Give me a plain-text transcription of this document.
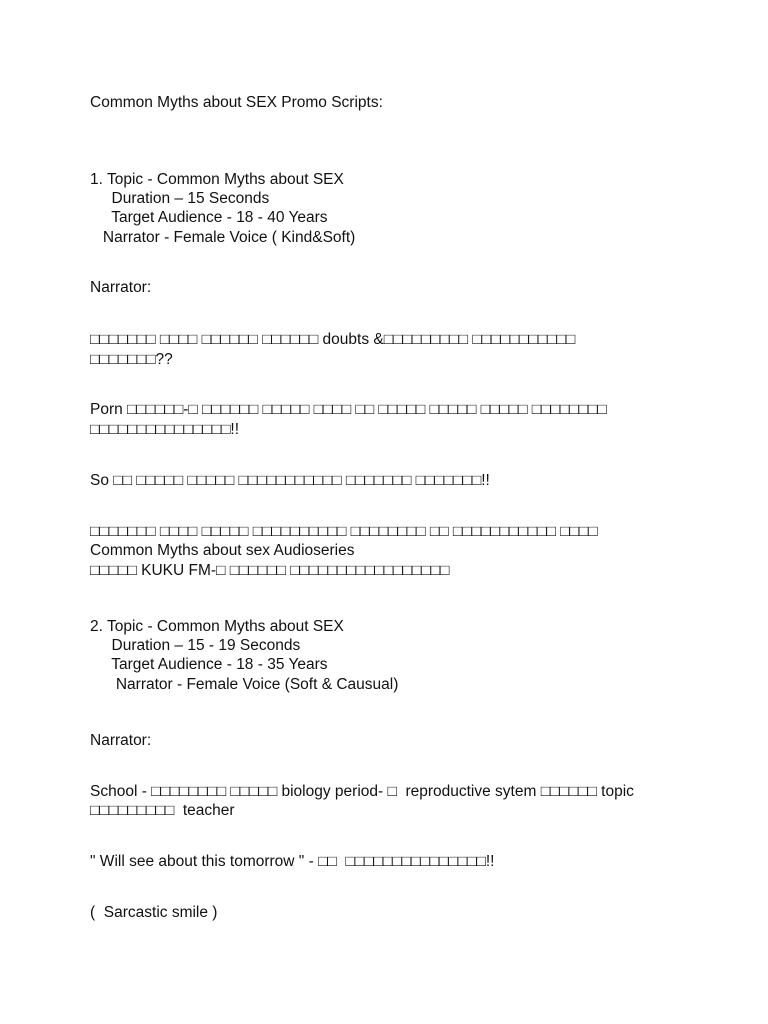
Common Myths about SEX Promo Scripts:
1. Topic - Common Myths about SEX
Duration – 15 Seconds
Target Audience - 18 - 40 Years
Narrator - Female Voice ( Kind&Soft)
Narrator:
□□□□□□□ □□□□ □□□□□□ □□□□□□ doubts &□□□□□□□□□ □□□□□□□□□□□
□□□□□□□??
Porn □□□□□□-□ □□□□□□ □□□□□ □□□□ □□ □□□□□ □□□□□ □□□□□ □□□□□□□□
□□□□□□□□□□□□□□□!!
So □□ □□□□□ □□□□□ □□□□□□□□□□□ □□□□□□□ □□□□□□□!!
□□□□□□□ □□□□ □□□□□ □□□□□□□□□□ □□□□□□□□ □□ □□□□□□□□□□□ □□□□
Common Myths about sex Audioseries
□□□□□ KUKU FM-□ □□□□□□ □□□□□□□□□□□□□□□□□
2. Topic - Common Myths about SEX
Duration – 15 - 19 Seconds
Target Audience - 18 - 35 Years
Narrator - Female Voice (Soft & Causual)
Narrator:
School - □□□□□□□□ □□□□□ biology period- □  reproductive sytem □□□□□□ topic
□□□□□□□□□  teacher
" Will see about this tomorrow " - □□  □□□□□□□□□□□□□□□!!
(  Sarcastic smile )
